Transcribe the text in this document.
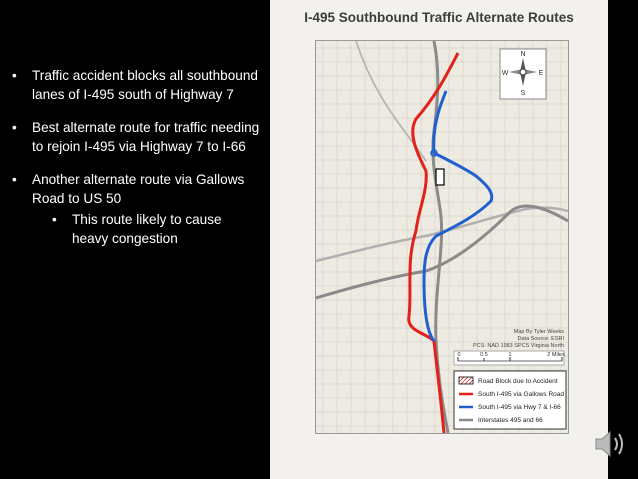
• Traffic accident blocks all southbound lanes of I-495 south of Highway 7
• Best alternate route for traffic needing to rejoin I-495 via Highway 7 to I-66
• Another alternate route via Gallows Road to US 50
• This route likely to cause heavy congestion
I-495 Southbound Traffic Alternate Routes
N
S
E
W
Map By Tyler Weeks
Data Source: ESRI
PCS: NAD 1983 SPCS Virginia North
0	0.5	1	2 Miles
Road Block due to Accident
South I-495 via Gallows Road
South I-495 via Hwy 7 & I-66
Interstates 495 and 66
